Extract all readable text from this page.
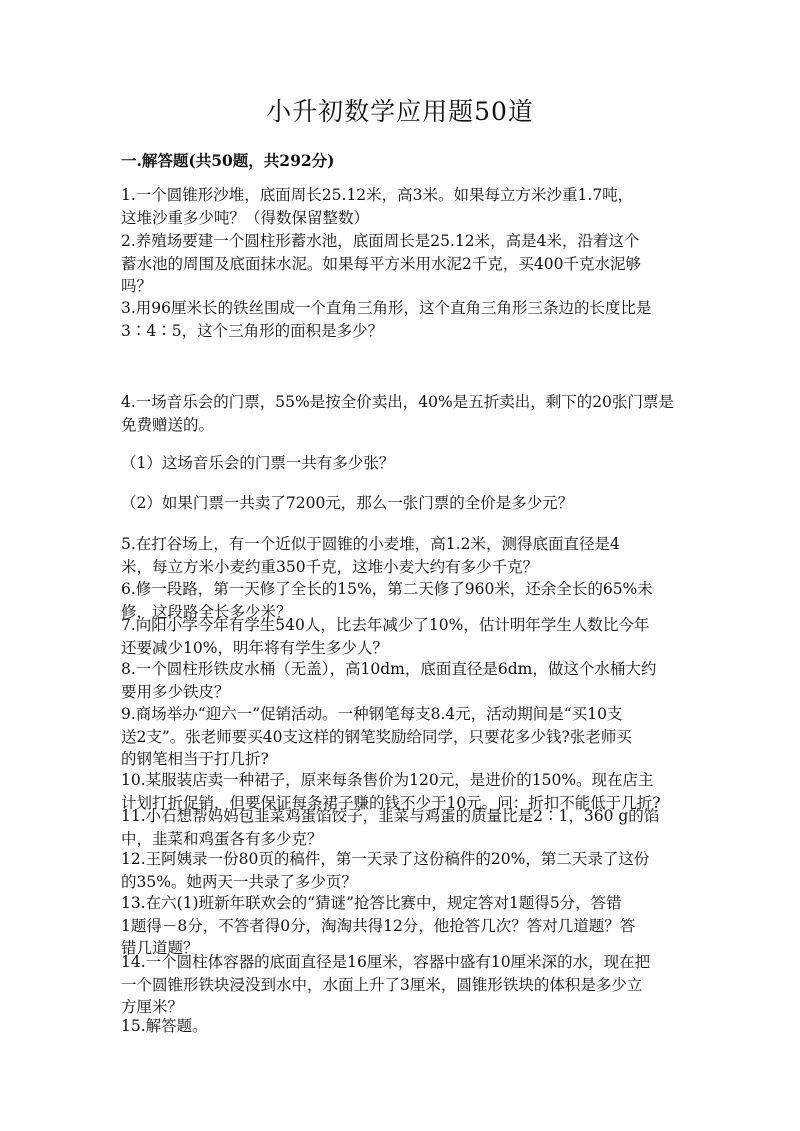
小升初数学应用题50道
一.解答题(共50题，共292分)
1.一个圆锥形沙堆，底面周长25.12米，高3米。如果每立方米沙重1.7吨，
这堆沙重多少吨？（得数保留整数）
2.养殖场要建一个圆柱形蓄水池，底面周长是25.12米，高是4米，沿着这个
蓄水池的周围及底面抹水泥。如果每平方米用水泥2千克，买400千克水泥够
吗？
3.用96厘米长的铁丝围成一个直角三角形，这个直角三角形三条边的长度比是
3∶4∶5，这个三角形的面积是多少？
4.一场音乐会的门票，55%是按全价卖出，40%是五折卖出，剩下的20张门票是
免费赠送的。
（1）这场音乐会的门票一共有多少张？
（2）如果门票一共卖了7200元，那么一张门票的全价是多少元？
5.在打谷场上，有一个近似于圆锥的小麦堆，高1.2米，测得底面直径是4
米，每立方米小麦约重350千克，这堆小麦大约有多少千克？
6.修一段路，第一天修了全长的15%，第二天修了960米，还余全长的65%未
修，这段路全长多少米？
7.向阳小学今年有学生540人，比去年减少了10%，估计明年学生人数比今年
还要减少10%，明年将有学生多少人？
8.一个圆柱形铁皮水桶（无盖），高10dm，底面直径是6dm，做这个水桶大约
要用多少铁皮？
9.商场举办“迎六一”促销活动。一种钢笔每支8.4元，活动期间是“买10支
送2支”。张老师要买40支这样的钢笔奖励给同学，只要花多少钱?张老师买
的钢笔相当于打几折?
10.某服装店卖一种裙子，原来每条售价为120元，是进价的150%。现在店主
计划打折促销，但要保证每条裙子赚的钱不少于10元。问：折扣不能低于几折?
11.小石想帮妈妈包韭菜鸡蛋馅饺子，韭菜与鸡蛋的质量比是2∶1，360 g的馅
中，韭菜和鸡蛋各有多少克？
12.王阿姨录一份80页的稿件，第一天录了这份稿件的20%，第二天录了这份
的35%。她两天一共录了多少页？
13.在六(1)班新年联欢会的“猜谜”抢答比赛中，规定答对1题得5分，答错
1题得－8分，不答者得0分，淘淘共得12分，他抢答几次？答对几道题？答
错几道题？
14.一个圆柱体容器的底面直径是16厘米，容器中盛有10厘米深的水，现在把
一个圆锥形铁块浸没到水中，水面上升了3厘米，圆锥形铁块的体积是多少立
方厘米？
15.解答题。
